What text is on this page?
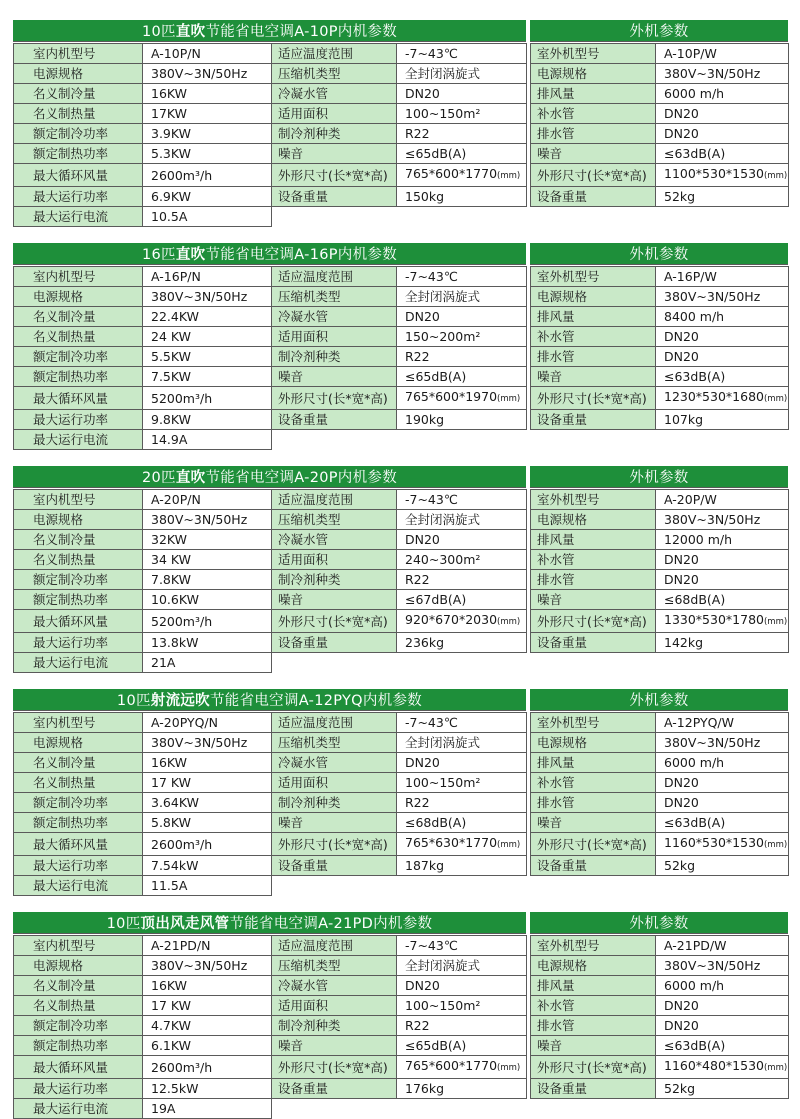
10匹 直吹 节能省电空调A-10P内机参数	外机参数
室内机型号	A-10P/N	适应温度范围	-7~43℃
电源规格	380V~3N/50Hz	压缩机类型	全封闭涡旋式
名义制冷量	16KW	冷凝水管	DN20
名义制热量	17KW	适用面积	100~150m²
额定制冷功率	3.9KW	制冷剂种类	R22
额定制热功率	5.3KW	噪音	≤65dB(A)
最大循环风量	2600m³/h	外形尺寸(长*宽*高)	765*600*1770(mm)
最大运行功率	6.9KW	设备重量	150kg
最大运行电流	10.5A		
室外机型号	A-10P/W
电源规格	380V~3N/50Hz
排风量	6000 m/h
补水管	DN20
排水管	DN20
噪音	≤63dB(A)
外形尺寸(长*宽*高)	1100*530*1530(mm)
设备重量	52kg
16匹 直吹 节能省电空调A-16P内机参数	外机参数
室内机型号	A-16P/N	适应温度范围	-7~43℃
电源规格	380V~3N/50Hz	压缩机类型	全封闭涡旋式
名义制冷量	22.4KW	冷凝水管	DN20
名义制热量	24 KW	适用面积	150~200m²
额定制冷功率	5.5KW	制冷剂种类	R22
额定制热功率	7.5KW	噪音	≤65dB(A)
最大循环风量	5200m³/h	外形尺寸(长*宽*高)	765*600*1970(mm)
最大运行功率	9.8KW	设备重量	190kg
最大运行电流	14.9A		
室外机型号	A-16P/W
电源规格	380V~3N/50Hz
排风量	8400 m/h
补水管	DN20
排水管	DN20
噪音	≤63dB(A)
外形尺寸(长*宽*高)	1230*530*1680(mm)
设备重量	107kg
20匹 直吹 节能省电空调A-20P内机参数	外机参数
室内机型号	A-20P/N	适应温度范围	-7~43℃
电源规格	380V~3N/50Hz	压缩机类型	全封闭涡旋式
名义制冷量	32KW	冷凝水管	DN20
名义制热量	34 KW	适用面积	240~300m²
额定制冷功率	7.8KW	制冷剂种类	R22
额定制热功率	10.6KW	噪音	≤67dB(A)
最大循环风量	5200m³/h	外形尺寸(长*宽*高)	920*670*2030(mm)
最大运行功率	13.8kW	设备重量	236kg
最大运行电流	21A		
室外机型号	A-20P/W
电源规格	380V~3N/50Hz
排风量	12000 m/h
补水管	DN20
排水管	DN20
噪音	≤68dB(A)
外形尺寸(长*宽*高)	1330*530*1780(mm)
设备重量	142kg
10匹 射流远吹 节能省电空调A-12PYQ内机参数	外机参数
室内机型号	A-20PYQ/N	适应温度范围	-7~43℃
电源规格	380V~3N/50Hz	压缩机类型	全封闭涡旋式
名义制冷量	16KW	冷凝水管	DN20
名义制热量	17 KW	适用面积	100~150m²
额定制冷功率	3.64KW	制冷剂种类	R22
额定制热功率	5.8KW	噪音	≤68dB(A)
最大循环风量	2600m³/h	外形尺寸(长*宽*高)	765*630*1770(mm)
最大运行功率	7.54kW	设备重量	187kg
最大运行电流	11.5A		
室外机型号	A-12PYQ/W
电源规格	380V~3N/50Hz
排风量	6000 m/h
补水管	DN20
排水管	DN20
噪音	≤63dB(A)
外形尺寸(长*宽*高)	1160*530*1530(mm)
设备重量	52kg
10匹 顶出风走风管 节能省电空调A-21PD内机参数	外机参数
室内机型号	A-21PD/N	适应温度范围	-7~43℃
电源规格	380V~3N/50Hz	压缩机类型	全封闭涡旋式
名义制冷量	16KW	冷凝水管	DN20
名义制热量	17 KW	适用面积	100~150m²
额定制冷功率	4.7KW	制冷剂种类	R22
额定制热功率	6.1KW	噪音	≤65dB(A)
最大循环风量	2600m³/h	外形尺寸(长*宽*高)	765*600*1770(mm)
最大运行功率	12.5kW	设备重量	176kg
最大运行电流	19A		
室外机型号	A-21PD/W
电源规格	380V~3N/50Hz
排风量	6000 m/h
补水管	DN20
排水管	DN20
噪音	≤63dB(A)
外形尺寸(长*宽*高)	1160*480*1530(mm)
设备重量	52kg
